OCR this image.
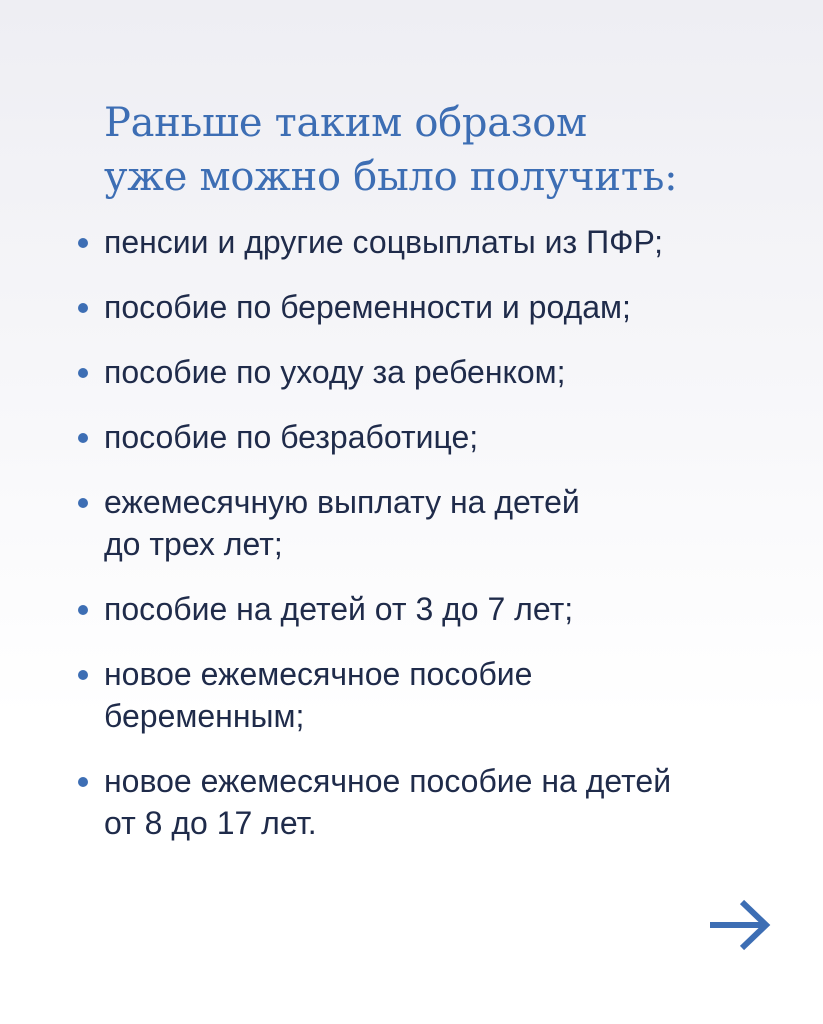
Раньше таким образом
уже можно было получить:
пенсии и другие соцвыплаты из ПФР;
пособие по беременности и родам;
пособие по уходу за ребенком;
пособие по безработице;
ежемесячную выплату на детей
до трех лет;
пособие на детей от 3 до 7 лет;
новое ежемесячное пособие
беременным;
новое ежемесячное пособие на детей
от 8 до 17 лет.
